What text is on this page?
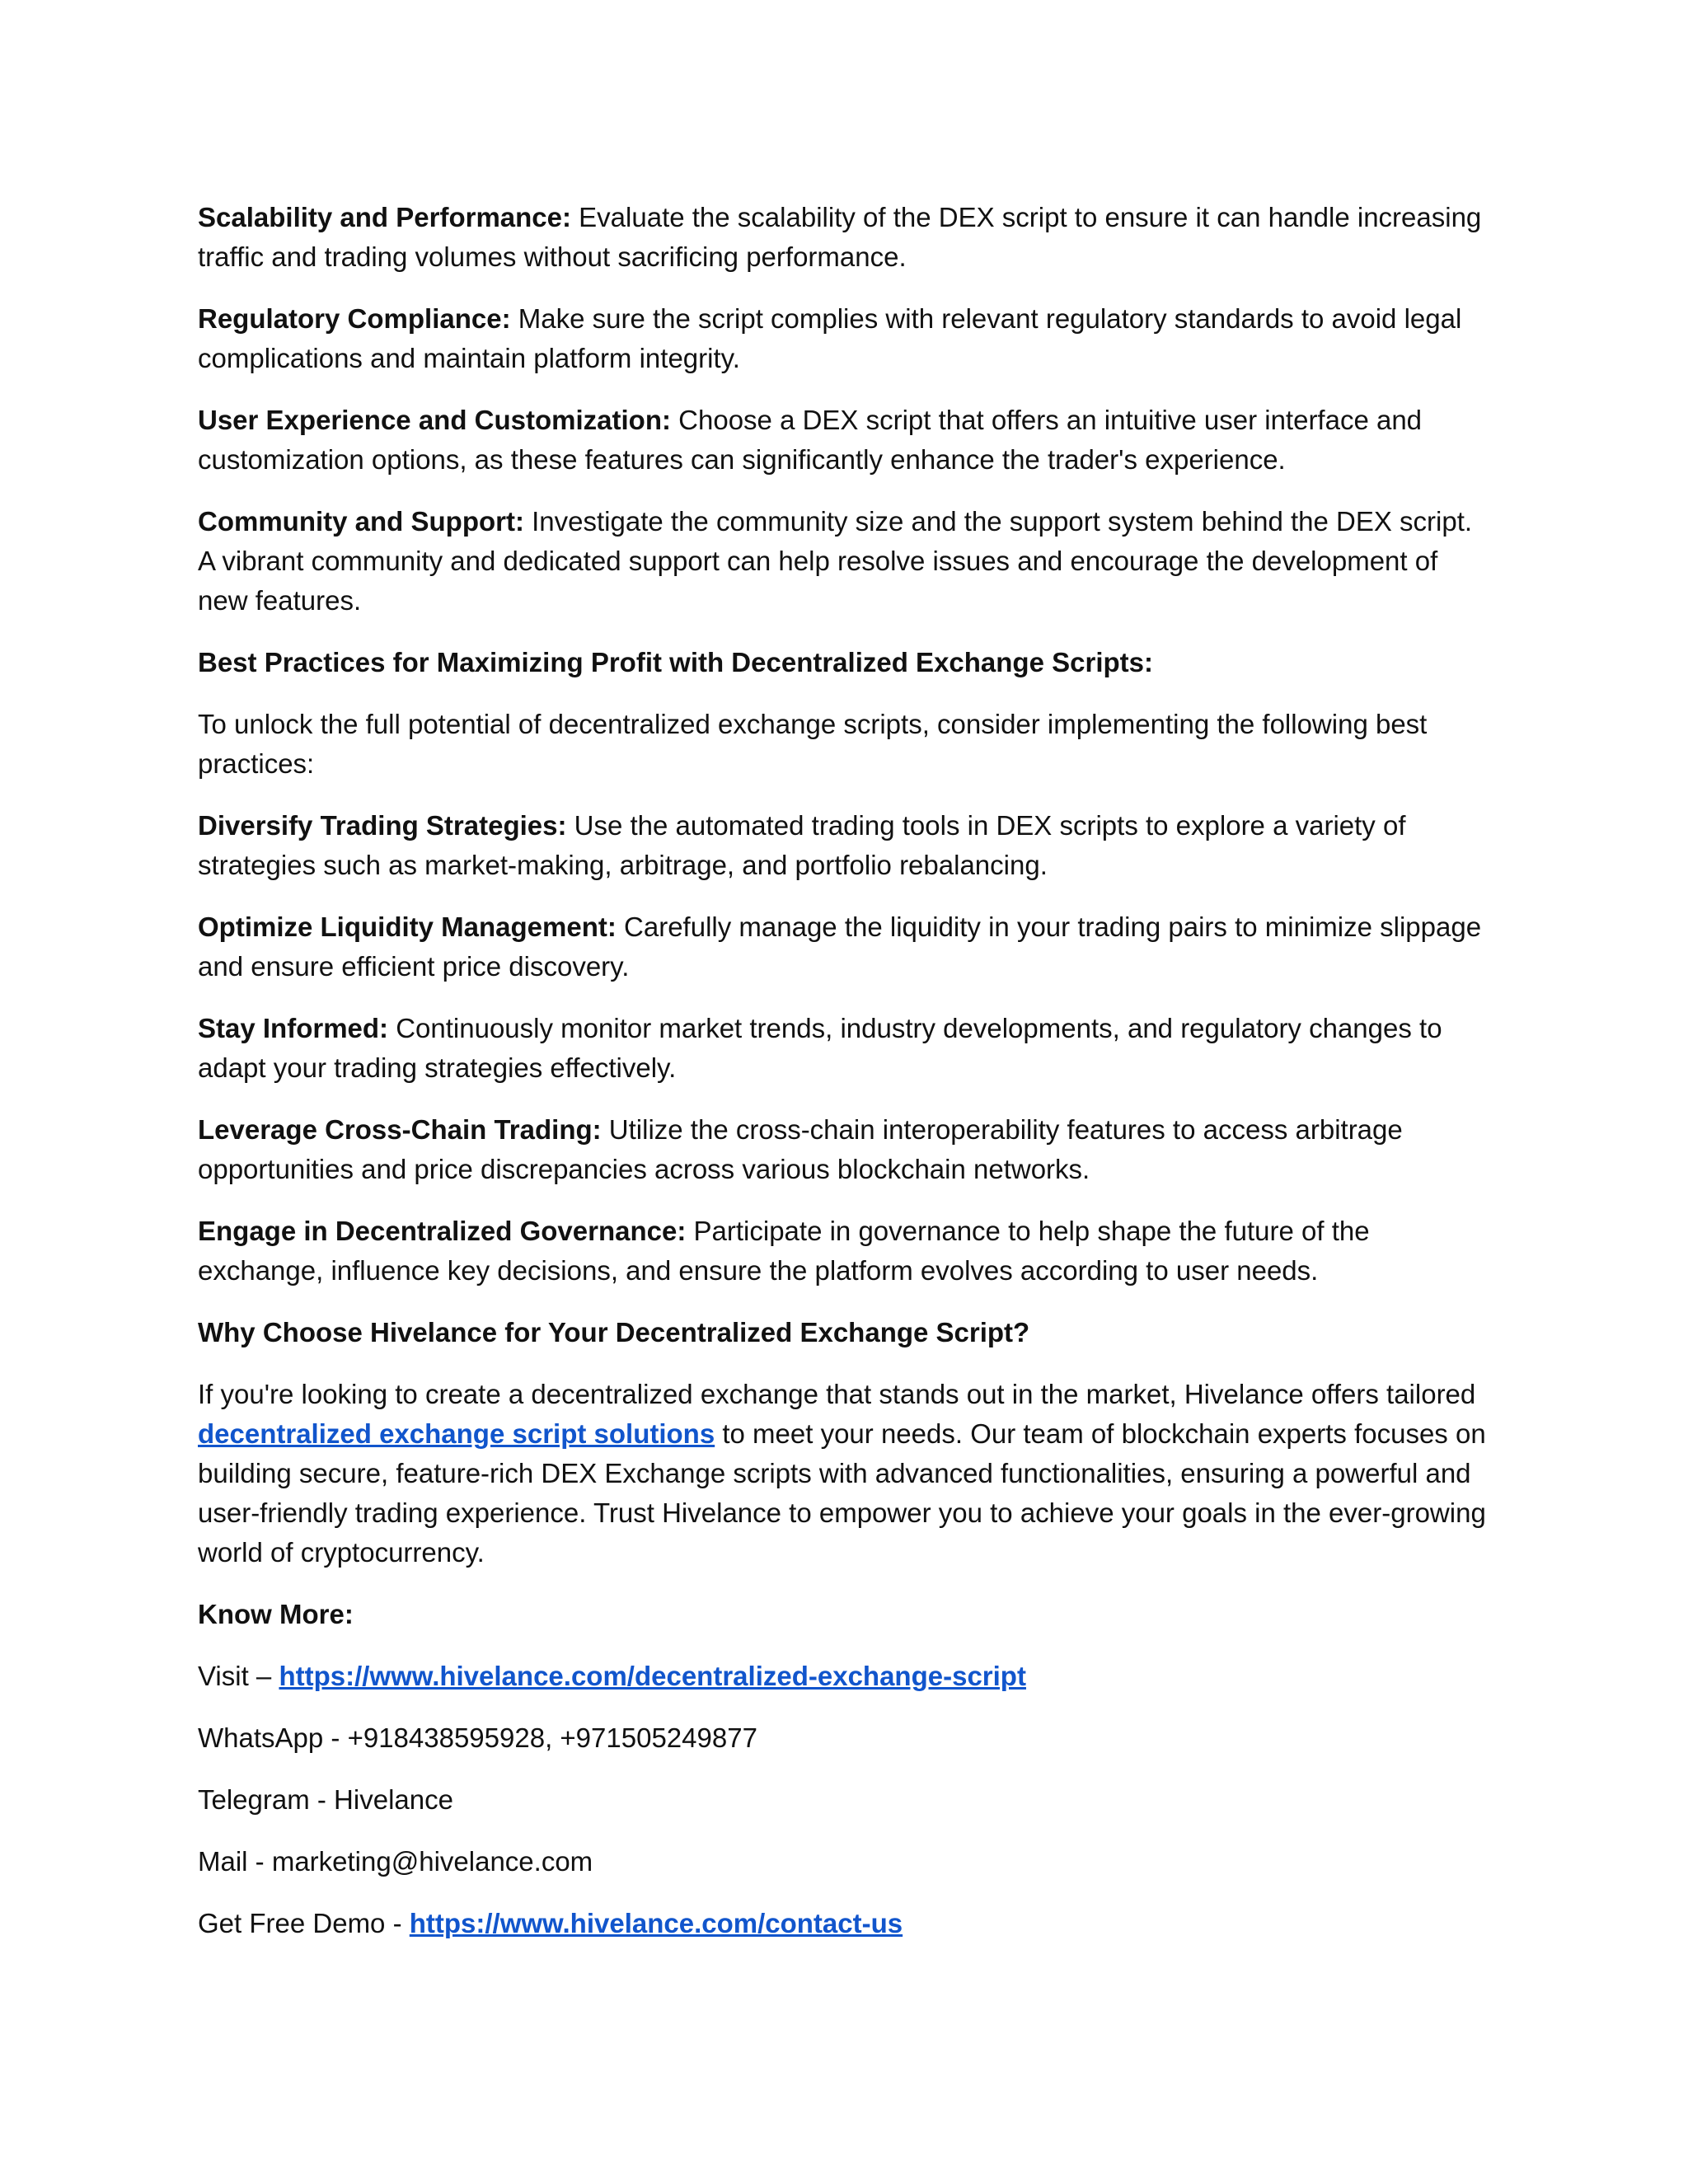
Scalability and Performance: Evaluate the scalability of the DEX script to ensure it can handle increasing traffic and trading volumes without sacrificing performance.

Regulatory Compliance: Make sure the script complies with relevant regulatory standards to avoid legal complications and maintain platform integrity.

User Experience and Customization: Choose a DEX script that offers an intuitive user interface and customization options, as these features can significantly enhance the trader's experience.

Community and Support: Investigate the community size and the support system behind the DEX script. A vibrant community and dedicated support can help resolve issues and encourage the development of new features.

Best Practices for Maximizing Profit with Decentralized Exchange Scripts:

To unlock the full potential of decentralized exchange scripts, consider implementing the following best practices:

Diversify Trading Strategies: Use the automated trading tools in DEX scripts to explore a variety of strategies such as market-making, arbitrage, and portfolio rebalancing.

Optimize Liquidity Management: Carefully manage the liquidity in your trading pairs to minimize slippage and ensure efficient price discovery.

Stay Informed: Continuously monitor market trends, industry developments, and regulatory changes to adapt your trading strategies effectively.

Leverage Cross-Chain Trading: Utilize the cross-chain interoperability features to access arbitrage opportunities and price discrepancies across various blockchain networks.

Engage in Decentralized Governance: Participate in governance to help shape the future of the exchange, influence key decisions, and ensure the platform evolves according to user needs.

Why Choose Hivelance for Your Decentralized Exchange Script?

If you're looking to create a decentralized exchange that stands out in the market, Hivelance offers tailored decentralized exchange script solutions to meet your needs. Our team of blockchain experts focuses on building secure, feature-rich DEX Exchange scripts with advanced functionalities, ensuring a powerful and user-friendly trading experience. Trust Hivelance to empower you to achieve your goals in the ever-growing world of cryptocurrency.

Know More:

Visit – https://www.hivelance.com/decentralized-exchange-script

WhatsApp - +918438595928, +971505249877

Telegram - Hivelance

Mail - marketing@hivelance.com

Get Free Demo - https://www.hivelance.com/contact-us
